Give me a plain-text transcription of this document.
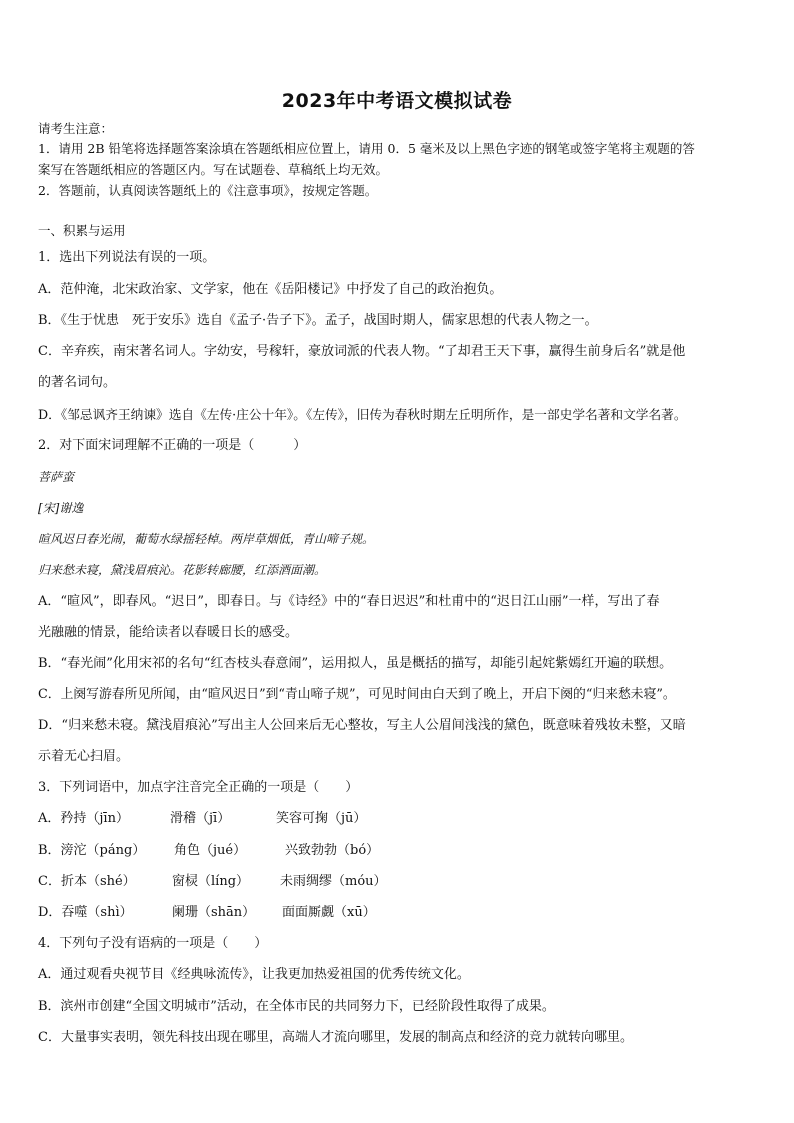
2023年中考语文模拟试卷
请考生注意：
1．请用 2B 铅笔将选择题答案涂填在答题纸相应位置上，请用 0．5 毫米及以上黑色字迹的钢笔或签字笔将主观题的答
案写在答题纸相应的答题区内。写在试题卷、草稿纸上均无效。
2．答题前，认真阅读答题纸上的《注意事项》，按规定答题。
一、积累与运用
1．选出下列说法有误的一项。
A．范仲淹，北宋政治家、文学家，他在《岳阳楼记》中抒发了自己的政治抱负。
B．《生于忧患　死于安乐》选自《孟子·告子下》。孟子，战国时期人，儒家思想的代表人物之一。
C．辛弃疾，南宋著名词人。字幼安，号稼轩，豪放词派的代表人物。“了却君王天下事，赢得生前身后名”就是他
的著名词句。
D．《邹忌讽齐王纳谏》选自《左传·庄公十年》。《左传》，旧传为春秋时期左丘明所作，是一部史学名著和文学名著。
2．对下面宋词理解不正确的一项是（　　　）
菩萨蛮
[宋]谢逸
暄风迟日春光闹，葡萄水绿摇轻棹。两岸草烟低，青山啼子规。
归来愁未寝，黛浅眉痕沁。花影转廊腰，红添酒面潮。
A．“暄风”，即春风。“迟日”，即春日。与《诗经》中的“春日迟迟”和杜甫中的“迟日江山丽”一样，写出了春
光融融的情景，能给读者以春暖日长的感受。
B．“春光闹”化用宋祁的名句“红杏枝头春意闹”，运用拟人，虽是概括的描写，却能引起姹紫嫣红开遍的联想。
C．上阕写游春所见所闻，由“暄风迟日”到“青山啼子规”，可见时间由白天到了晚上，开启下阕的“归来愁未寝”。
D．“归来愁未寝。黛浅眉痕沁”写出主人公回来后无心整妆，写主人公眉间浅浅的黛色，既意味着残妆未整，又暗
示着无心扫眉。
3．下列词语中，加点字注音完全正确的一项是（　　）
A．矜持（jīn）	滑稽（jī）	笑容可掬（jū）
B．滂沱（páng） 角色（jué）	兴致勃勃（bó）
C．折本（shé）	窗棂（líng） 未雨绸缪（móu）
D．吞噬（shì）	阑珊（shān） 面面厮觑（xū）
4．下列句子没有语病的一项是（　　）
A．通过观看央视节目《经典咏流传》，让我更加热爱祖国的优秀传统文化。
B．滨州市创建“全国文明城市”活动，在全体市民的共同努力下，已经阶段性取得了成果。
C．大量事实表明，领先科技出现在哪里，高端人才流向哪里，发展的制高点和经济的竞力就转向哪里。
